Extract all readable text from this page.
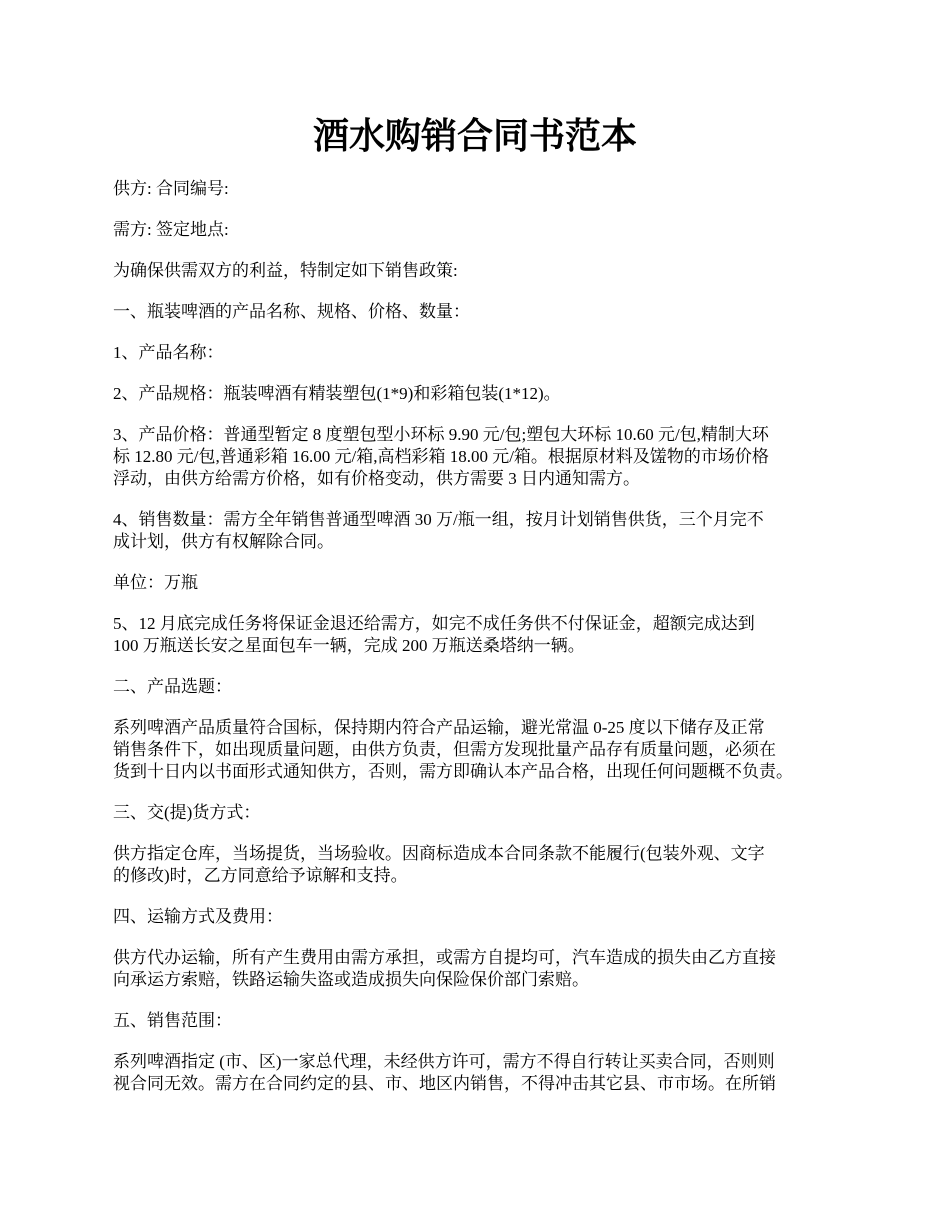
酒水购销合同书范本

供方: 合同编号:

需方: 签定地点:

为确保供需双方的利益，特制定如下销售政策:

一、瓶装啤酒的产品名称、规格、价格、数量：

1、产品名称：

2、产品规格：瓶装啤酒有精装塑包(1*9)和彩箱包装(1*12)。

3、产品价格：普通型暂定 8 度塑包型小环标 9.90 元/包;塑包大环标 10.60 元/包,精制大环
标 12.80 元/包,普通彩箱 16.00 元/箱,高档彩箱 18.00 元/箱。根据原材料及馐物的市场价格
浮动，由供方给需方价格，如有价格变动，供方需要 3 日内通知需方。

4、销售数量：需方全年销售普通型啤酒 30 万/瓶一组，按月计划销售供货，三个月完不
成计划，供方有权解除合同。

单位：万瓶

5、12 月底完成任务将保证金退还给需方，如完不成任务供不付保证金，超额完成达到
100 万瓶送长安之星面包车一辆，完成 200 万瓶送桑塔纳一辆。

二、产品选题：

系列啤酒产品质量符合国标，保持期内符合产品运输，避光常温 0-25 度以下储存及正常
销售条件下，如出现质量问题，由供方负责，但需方发现批量产品存有质量问题，必须在
货到十日内以书面形式通知供方，否则，需方即确认本产品合格，出现任何问题概不负责。

三、交(提)货方式：

供方指定仓库，当场提货，当场验收。因商标造成本合同条款不能履行(包装外观、文字
的修改)时，乙方同意给予谅解和支持。

四、运输方式及费用：

供方代办运输，所有产生费用由需方承担，或需方自提均可，汽车造成的损失由乙方直接
向承运方索赔，铁路运输失盗或造成损失向保险保价部门索赔。

五、销售范围：

系列啤酒指定 (市、区)一家总代理，未经供方许可，需方不得自行转让买卖合同，否则则
视合同无效。需方在合同约定的县、市、地区内销售，不得冲击其它县、市市场。在所销
